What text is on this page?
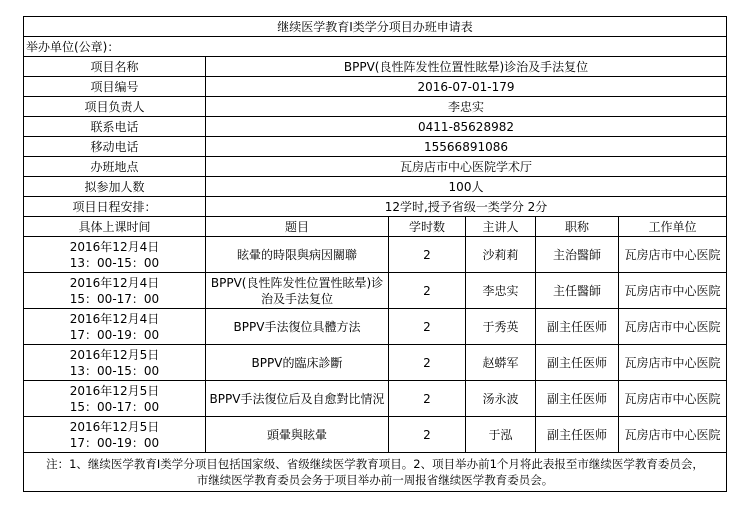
继续医学教育I类学分项目办班申请表					
举办单位(公章)：					
项目名称	BPPV(良性阵发性位置性眩晕)诊治及手法复位				
项目编号	2016-07-01-179				
项目负责人	李忠实				
联系电话	0411-85628982				
移动电话	15566891086				
办班地点	瓦房店市中心医院学术厅				
拟参加人数	100人				
项目日程安排：	12学时,授予省级一类学分 2分				
具体上课时间	题目	学时数	主讲人	职称	工作单位

2016年12月4日
13：00-15：00	眩暈的時限與病因關聯	2	沙莉莉	主治醫師	瓦房店市中心医院

2016年12月4日
15：00-17：00	BPPV(良性阵发性位置性眩晕)诊治及手法复位	2	李忠实	主任醫師	瓦房店市中心医院

2016年12月4日
17：00-19：00	BPPV手法復位具體方法	2	于秀英	副主任医师	瓦房店市中心医院

2016年12月5日
13：00-15：00	BPPV的臨床診斷	2	赵蟒军	副主任医师	瓦房店市中心医院

2016年12月5日
15：00-17：00	BPPV手法復位后及自愈對比情況	2	汤永波	副主任医师	瓦房店市中心医院

2016年12月5日
17：00-19：00	頭暈與眩暈	2	于泓	副主任医师	瓦房店市中心医院

注：1、继续医学教育Ⅰ类学分项目包括国家级、省级继续医学教育项目。2、项目举办前1个月将此表报至市继续医学教育委员会，
市继续医学教育委员会务于项目举办前一周报省继续医学教育委员会。					
